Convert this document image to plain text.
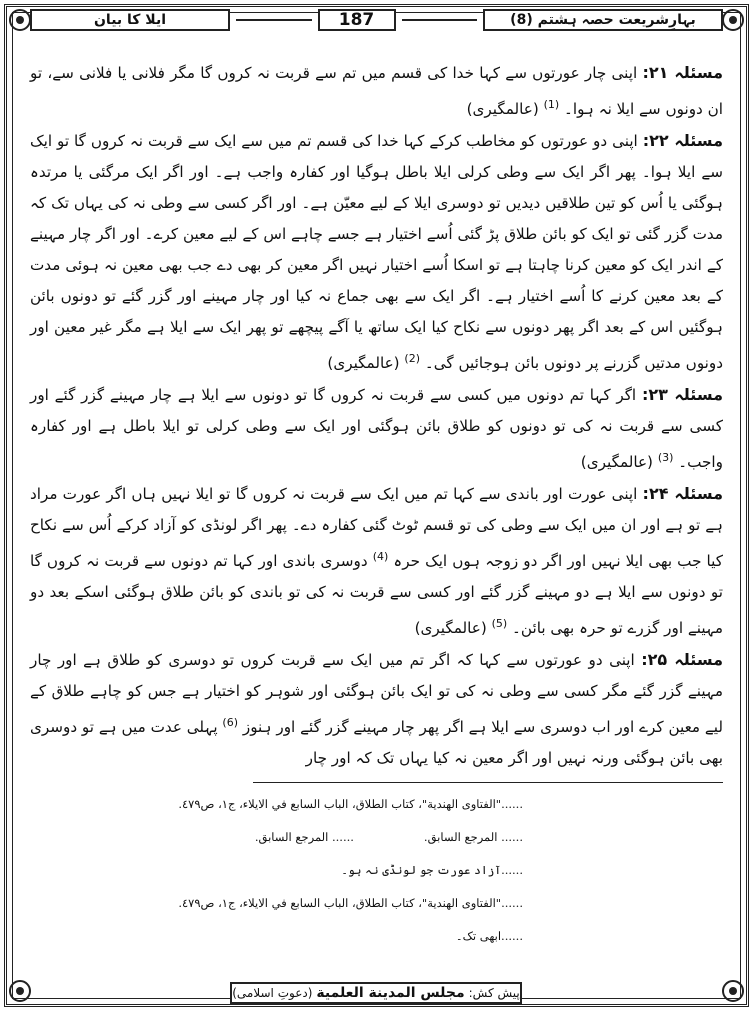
ایلا کا بیان	187	بہارِشریعت حصہ ہشتم (8)

مسئلہ ۲۱: اپنی چار عورتوں سے کہا خدا کی قسم میں تم سے قربت نہ کروں گا مگر فلانی یا فلانی سے، تو ان دونوں سے ایلا نہ ہوا۔ $^{(1)}$ (عالمگیری)

مسئلہ ۲۲: اپنی دو عورتوں کو مخاطب کرکے کہا خدا کی قسم تم میں سے ایک سے قربت نہ کروں گا تو ایک سے ایلا ہوا۔ پھر اگر ایک سے وطی کرلی ایلا باطل ہوگیا اور کفارہ واجب ہے۔ اور اگر ایک مرگئی یا مرتدہ ہوگئی یا اُس کو تین طلاقیں دیدیں تو دوسری ایلا کے لیے معیّن ہے۔ اور اگر کسی سے وطی نہ کی یہاں تک کہ مدت گزر گئی تو ایک کو بائن طلاق پڑ گئی اُسے اختیار ہے جسے چاہے اس کے لیے معین کرے۔ اور اگر چار مہینے کے اندر ایک کو معین کرنا چاہتا ہے تو اسکا اُسے اختیار نہیں اگر معین کر بھی دے جب بھی معین نہ ہوئی مدت کے بعد معین کرنے کا اُسے اختیار ہے۔ اگر ایک سے بھی جماع نہ کیا اور چار مہینے اور گزر گئے تو دونوں بائن ہوگئیں اس کے بعد اگر پھر دونوں سے نکاح کیا ایک ساتھ یا آگے پیچھے تو پھر ایک سے ایلا ہے مگر غیر معین اور دونوں مدتیں گزرنے پر دونوں بائن ہوجائیں گی۔ $^{(2)}$ (عالمگیری)

مسئلہ ۲۳: اگر کہا تم دونوں میں کسی سے قربت نہ کروں گا تو دونوں سے ایلا ہے چار مہینے گزر گئے اور کسی سے قربت نہ کی تو دونوں کو طلاق بائن ہوگئی اور ایک سے وطی کرلی تو ایلا باطل ہے اور کفارہ واجب۔ $^{(3)}$ (عالمگیری)

مسئلہ ۲۴: اپنی عورت اور باندی سے کہا تم میں ایک سے قربت نہ کروں گا تو ایلا نہیں ہاں اگر عورت مراد ہے تو ہے اور ان میں ایک سے وطی کی تو قسم ٹوٹ گئی کفارہ دے۔ پھر اگر لونڈی کو آزاد کرکے اُس سے نکاح کیا جب بھی ایلا نہیں اور اگر دو زوجہ ہوں ایک حرہ $^{(4)}$ دوسری باندی اور کہا تم دونوں سے قربت نہ کروں گا تو دونوں سے ایلا ہے دو مہینے گزر گئے اور کسی سے قربت نہ کی تو باندی کو بائن طلاق ہوگئی اسکے بعد دو مہینے اور گزرے تو حرہ بھی بائن۔ $^{(5)}$ (عالمگیری)

مسئلہ ۲۵: اپنی دو عورتوں سے کہا کہ اگر تم میں ایک سے قربت کروں تو دوسری کو طلاق ہے اور چار مہینے گزر گئے مگر کسی سے وطی نہ کی تو ایک بائن ہوگئی اور شوہر کو اختیار ہے جس کو چاہے طلاق کے لیے معین کرے اور اب دوسری سے ایلا ہے اگر پھر چار مہینے گزر گئے اور ہنوز $^{(6)}$ پہلی عدت میں ہے تو دوسری بھی بائن ہوگئی ورنہ نہیں اور اگر معین نہ کیا یہاں تک کہ اور چار

......"الفتاوی الهندية"، كتاب الطلاق، الباب السابع في الايلاء، ج١، ص٤٧٩.
...... المرجع السابق.
...... المرجع السابق.
......آزاد عورت جو لونڈی نہ ہو۔
......"الفتاوی الهندية"، كتاب الطلاق، الباب السابع في الايلاء، ج١، ص٤٧٩.
......ابھی تک۔
پیش کش:
مجلس المدینة العلمیة
(دعوتِ اسلامی)
